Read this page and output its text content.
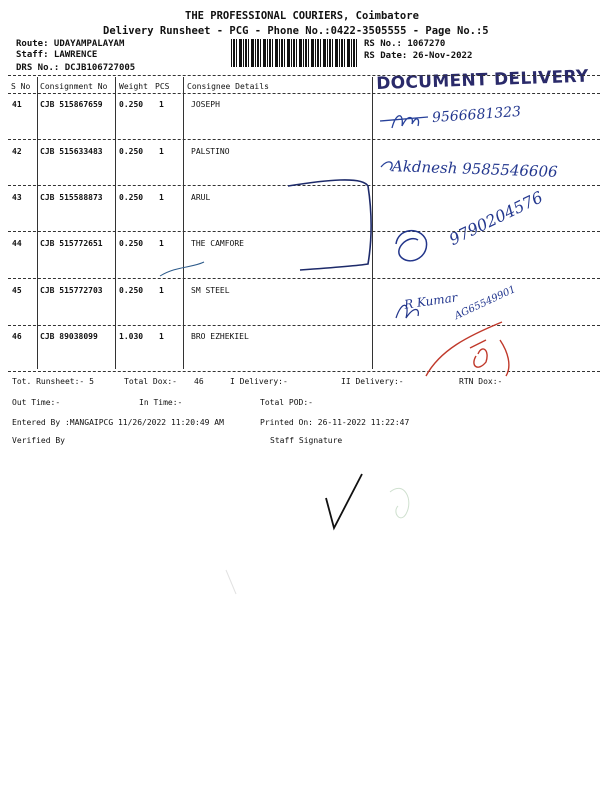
THE PROFESSIONAL COURIERS, Coimbatore
Delivery Runsheet - PCG - Phone No.:0422-3505555 - Page No.:5
Route: UDAYAMPALAYAM
Staff: LAWRENCE
DRS No.: DCJB106727005
RS No.: 1067270
RS Date: 26-Nov-2022
DOCUMENT DELIVERY
S No Consignment No Weight PCS Consignee Details
41 CJB 515867659 0.250 1	JOSEPH	9566681323
42 CJB 515633483 0.250 1	PALSTINO
Akdnesh 9585546606
43 CJB 515588873 0.250 1	ARUL	9790204576
44 CJB 515772651 0.250 1	THE CAMFORE
45 CJB 515772703 0.250 1	SM STEEL	R Kumar
46 CJB 89038099	1.030 1	BRO EZHEKIEL
AG65549901
Tot. Runsheet:- 5	Total Dox:- 46	I Delivery:-	II Delivery:-	RTN Dox:-
Out Time:-	In Time:-	Total POD:-
Entered By :MANGAIPCG 11/26/2022 11:20:49 AM	Printed On: 26-11-2022 11:22:47
Verified By	Staff Signature
